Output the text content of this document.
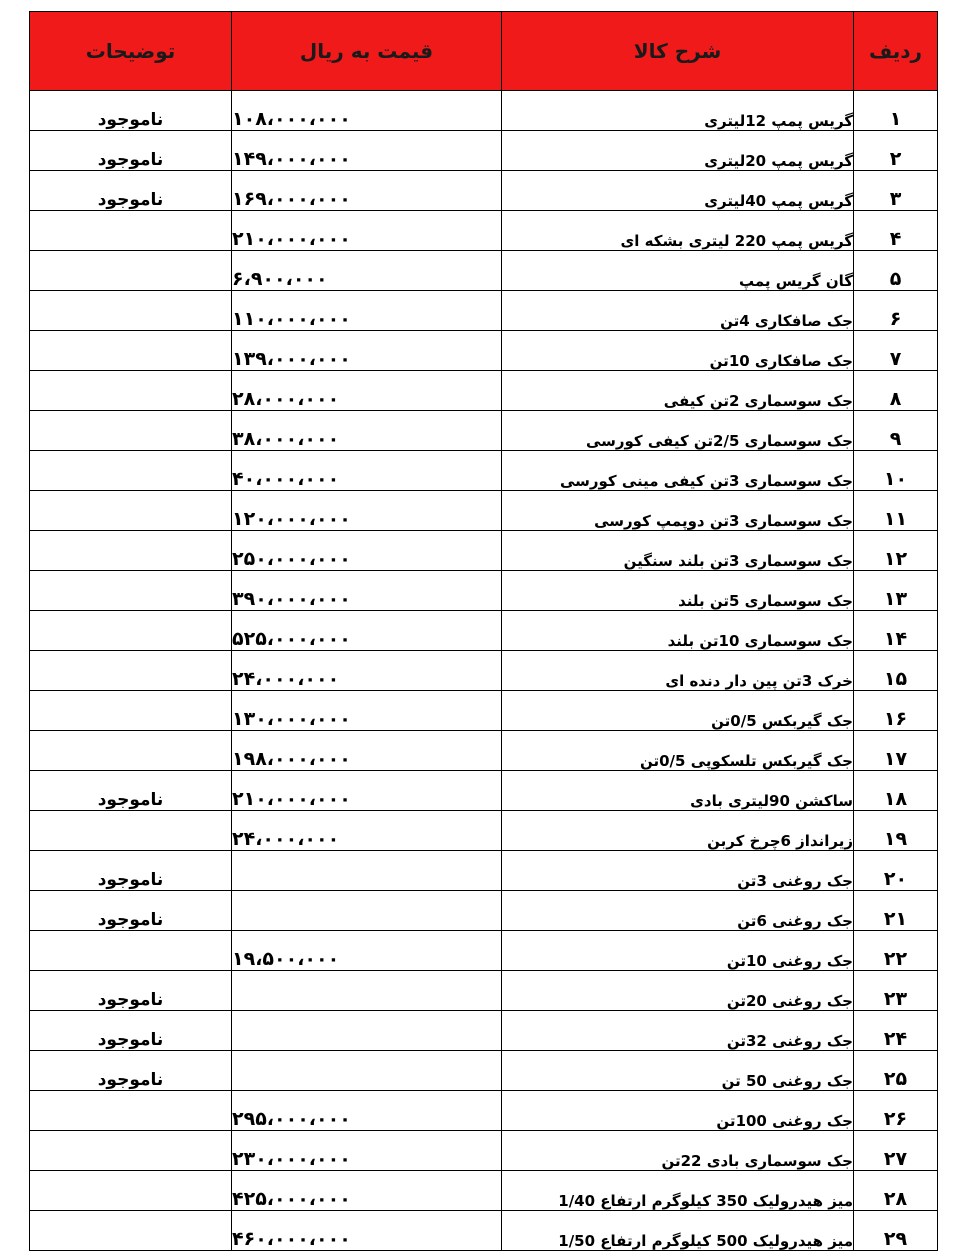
ردیف	شرح کالا	قیمت به ریال	توضیحات
۱	گریس پمپ 12لیتری	۱۰۸،۰۰۰،۰۰۰	ناموجود
۲	گریس پمپ 20لیتری	۱۴۹،۰۰۰،۰۰۰	ناموجود
۳	گریس پمپ 40لیتری	۱۶۹،۰۰۰،۰۰۰	ناموجود
۴	گریس پمپ 220 لیتری بشکه ای	۲۱۰،۰۰۰،۰۰۰	
۵	گان گریس پمپ	۶،۹۰۰،۰۰۰	
۶	جک صافکاری 4تن	۱۱۰،۰۰۰،۰۰۰	
۷	جک صافکاری 10تن	۱۳۹،۰۰۰،۰۰۰	
۸	جک سوسماری 2تن کیفی	۲۸،۰۰۰،۰۰۰	
۹	جک سوسماری 2/5تن کیفی کورسی	۳۸،۰۰۰،۰۰۰	
۱۰	جک سوسماری 3تن کیفی مینی کورسی	۴۰،۰۰۰،۰۰۰	
۱۱	جک سوسماری 3تن دوپمپ کورسی	۱۲۰،۰۰۰،۰۰۰	
۱۲	جک سوسماری 3تن بلند سنگین	۲۵۰،۰۰۰،۰۰۰	
۱۳	جک سوسماری 5تن بلند	۳۹۰،۰۰۰،۰۰۰	
۱۴	جک سوسماری 10تن بلند	۵۲۵،۰۰۰،۰۰۰	
۱۵	خرک 3تن پین دار دنده ای	۲۴،۰۰۰،۰۰۰	
۱۶	جک گیربکس 0/5تن	۱۳۰،۰۰۰،۰۰۰	
۱۷	جک گیربکس تلسکوپی 0/5تن	۱۹۸،۰۰۰،۰۰۰	
۱۸	ساکشن 90لیتری بادی	۲۱۰،۰۰۰،۰۰۰	ناموجود
۱۹	زیرانداز 6چرخ کربن	۲۴،۰۰۰،۰۰۰	
۲۰	جک روغنی 3تن		ناموجود
۲۱	جک روغنی 6تن		ناموجود
۲۲	جک روغنی 10تن	۱۹،۵۰۰،۰۰۰	
۲۳	جک روغنی 20تن		ناموجود
۲۴	جک روغنی 32تن		ناموجود
۲۵	جک روغنی 50 تن		ناموجود
۲۶	جک روغنی 100تن	۲۹۵،۰۰۰،۰۰۰	
۲۷	جک سوسماری بادی 22تن	۲۳۰،۰۰۰،۰۰۰	
۲۸	میز هیدرولیک 350 کیلوگرم ارتفاع 1/40	۴۲۵،۰۰۰،۰۰۰	
۲۹	میز هیدرولیک 500 کیلوگرم ارتفاع 1/50	۴۶۰،۰۰۰،۰۰۰	
